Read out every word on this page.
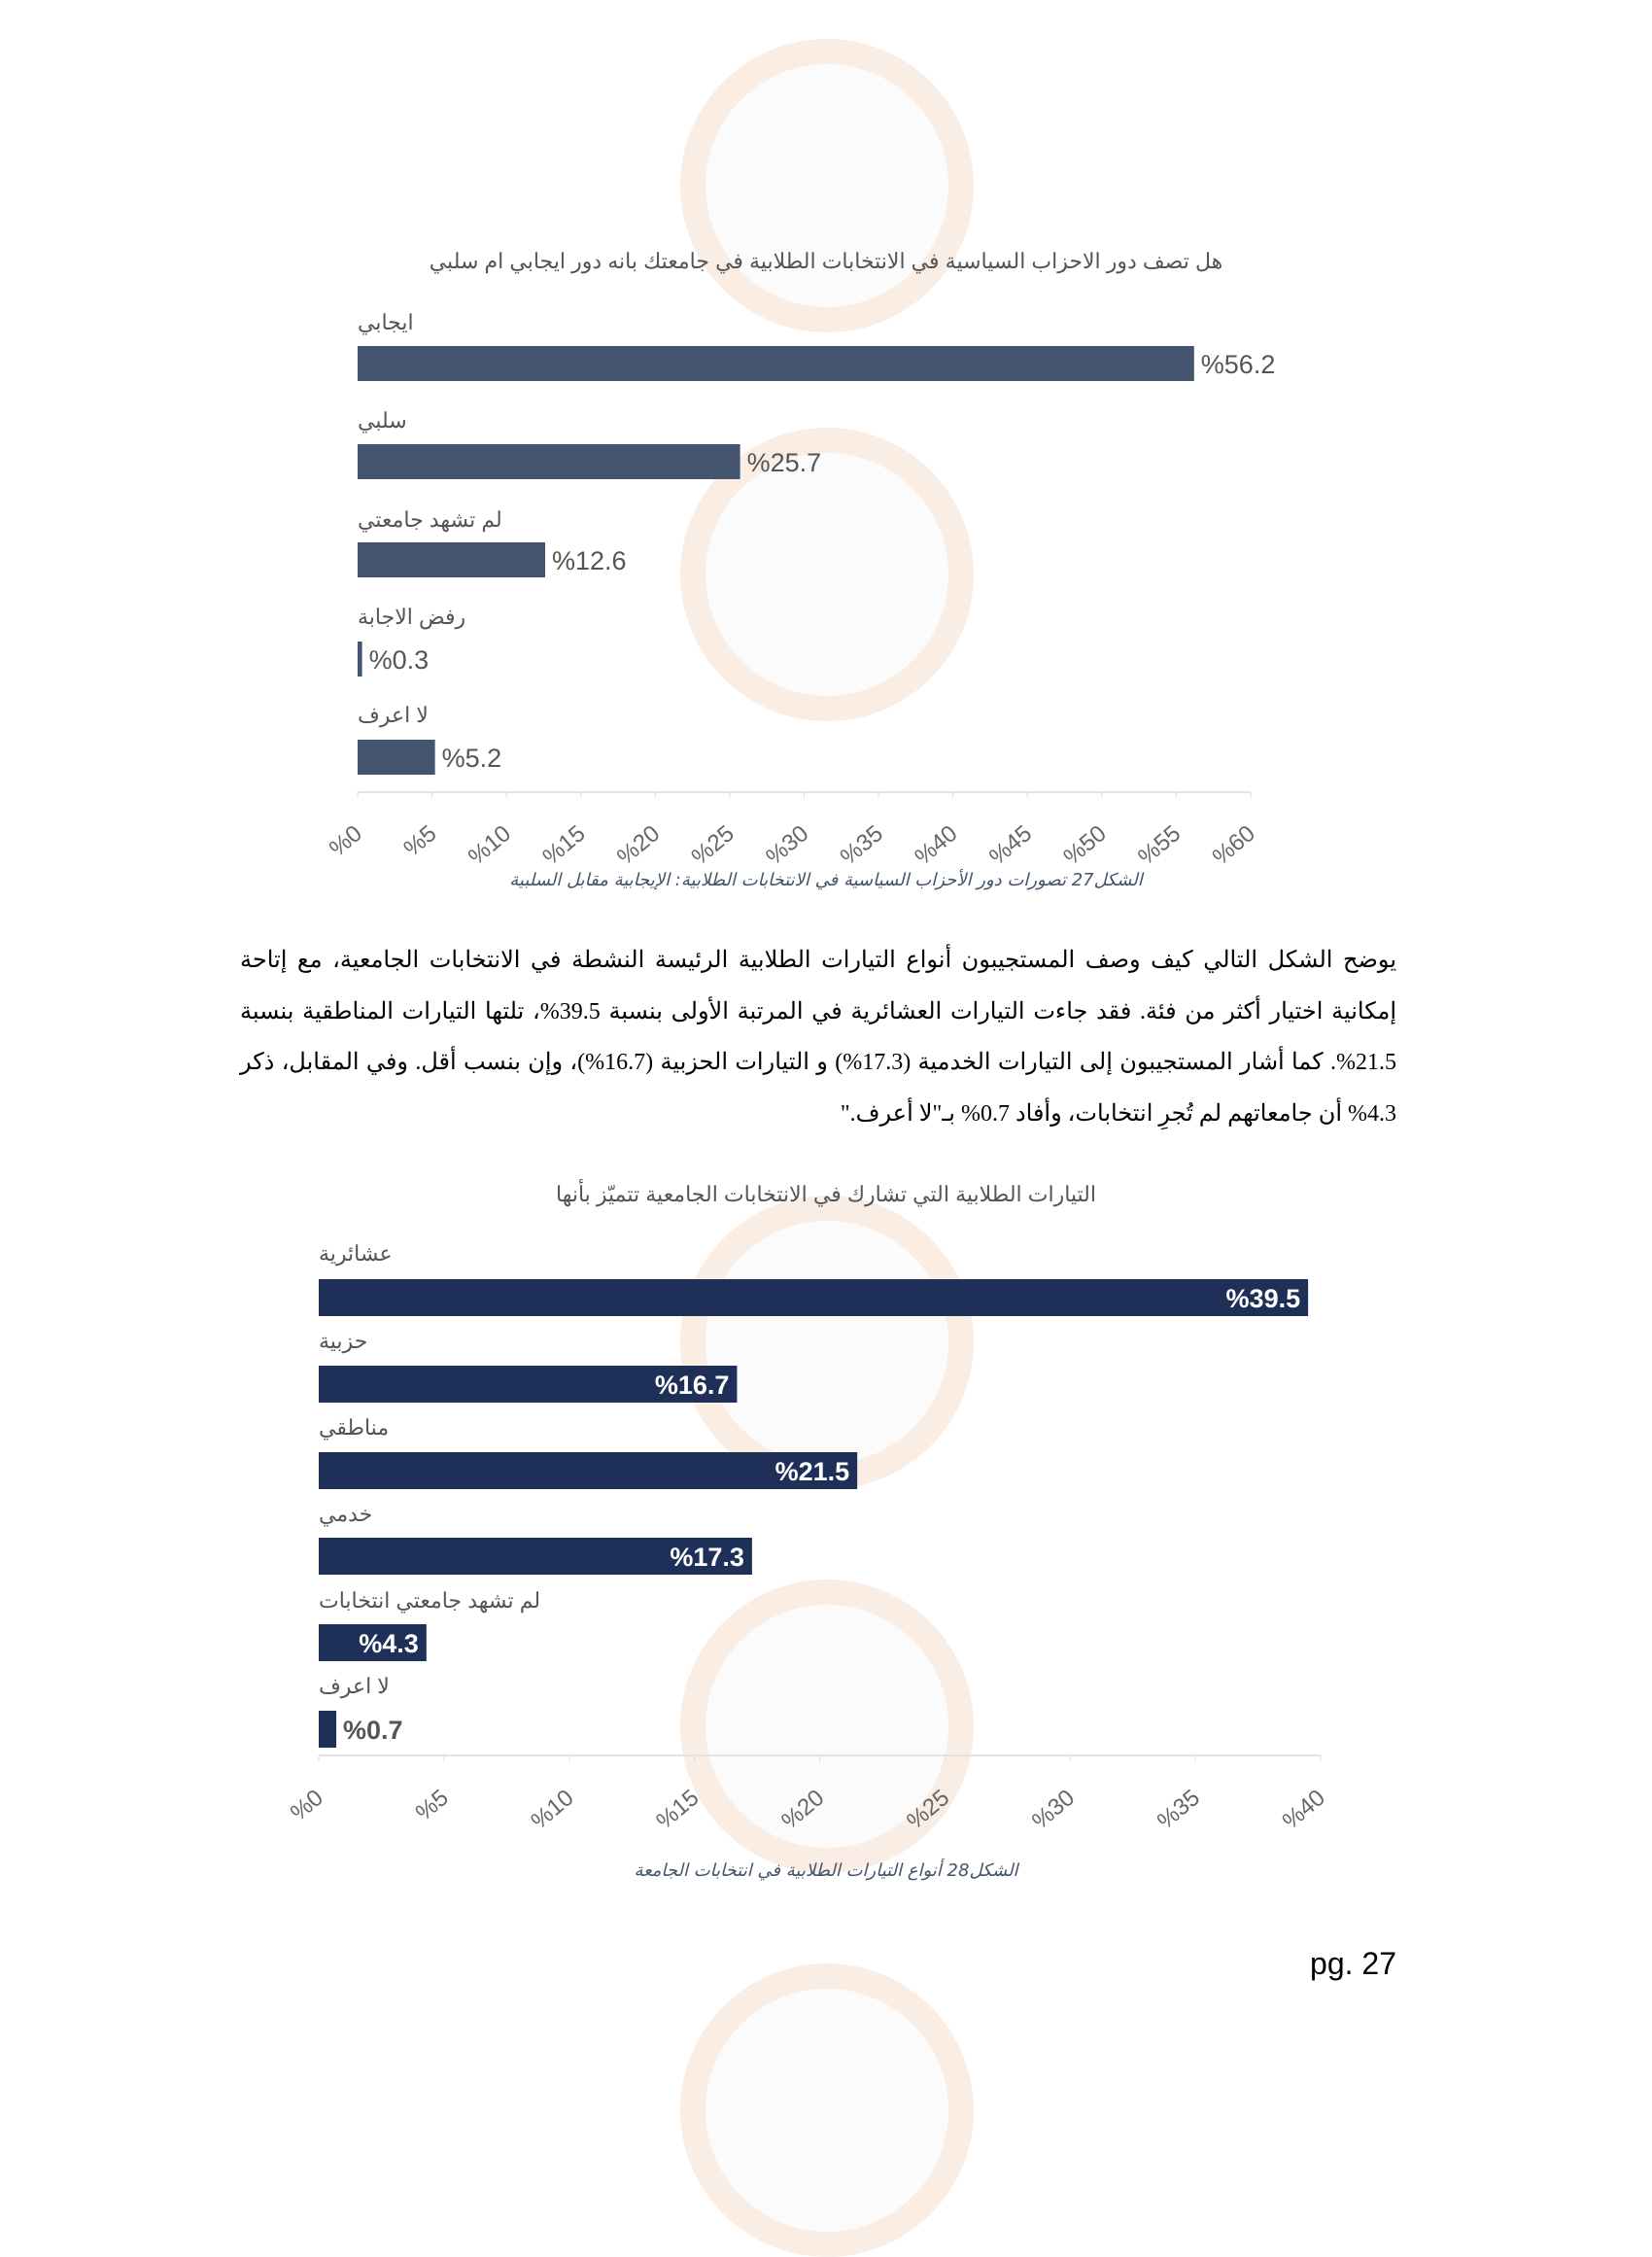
هل تصف دور الاحزاب السياسية في الانتخابات الطلابية في جامعتك بانه دور ايجابي ام سلبي
الشكل27 تصورات دور الأحزاب السياسية في الانتخابات الطلابية: الإيجابية مقابل السلبية
يوضح الشكل التالي كيف وصف المستجيبون أنواع التيارات الطلابية الرئيسة النشطة في الانتخابات الجامعية، مع إتاحة إمكانية اختيار أكثر من فئة. فقد جاءت التيارات العشائرية في المرتبة الأولى بنسبة 39.5%، تلتها التيارات المناطقية بنسبة 21.5%. كما أشار المستجيبون إلى التيارات الخدمية (17.3%) و التيارات الحزبية (16.7%)، وإن بنسب أقل. وفي المقابل، ذكر 4.3% أن جامعاتهم لم تُجرِ انتخابات، وأفاد 0.7% بـ"لا أعرف."
التيارات الطلابية التي تشارك في الانتخابات الجامعية تتميّز بأنها
الشكل28 أنواع التيارات الطلابية في انتخابات الجامعة
pg. 27
%0 %5 %10 %15 %20 %25 %30 %35 %40 %45 %50 %55 %60
ايجابي
%56.2
سلبي
%25.7
لم تشهد جامعتي
%12.6
رفض الاجابة
%0.3
لا اعرف
%5.2
%0	%5	%10	%15	%20	%25	%30	%35	%40
عشائرية
%39.5
حزبية
%16.7
مناطقي
%21.5
خدمي
%17.3
لم تشهد جامعتي انتخابات
%4.3
لا اعرف
%0.7
